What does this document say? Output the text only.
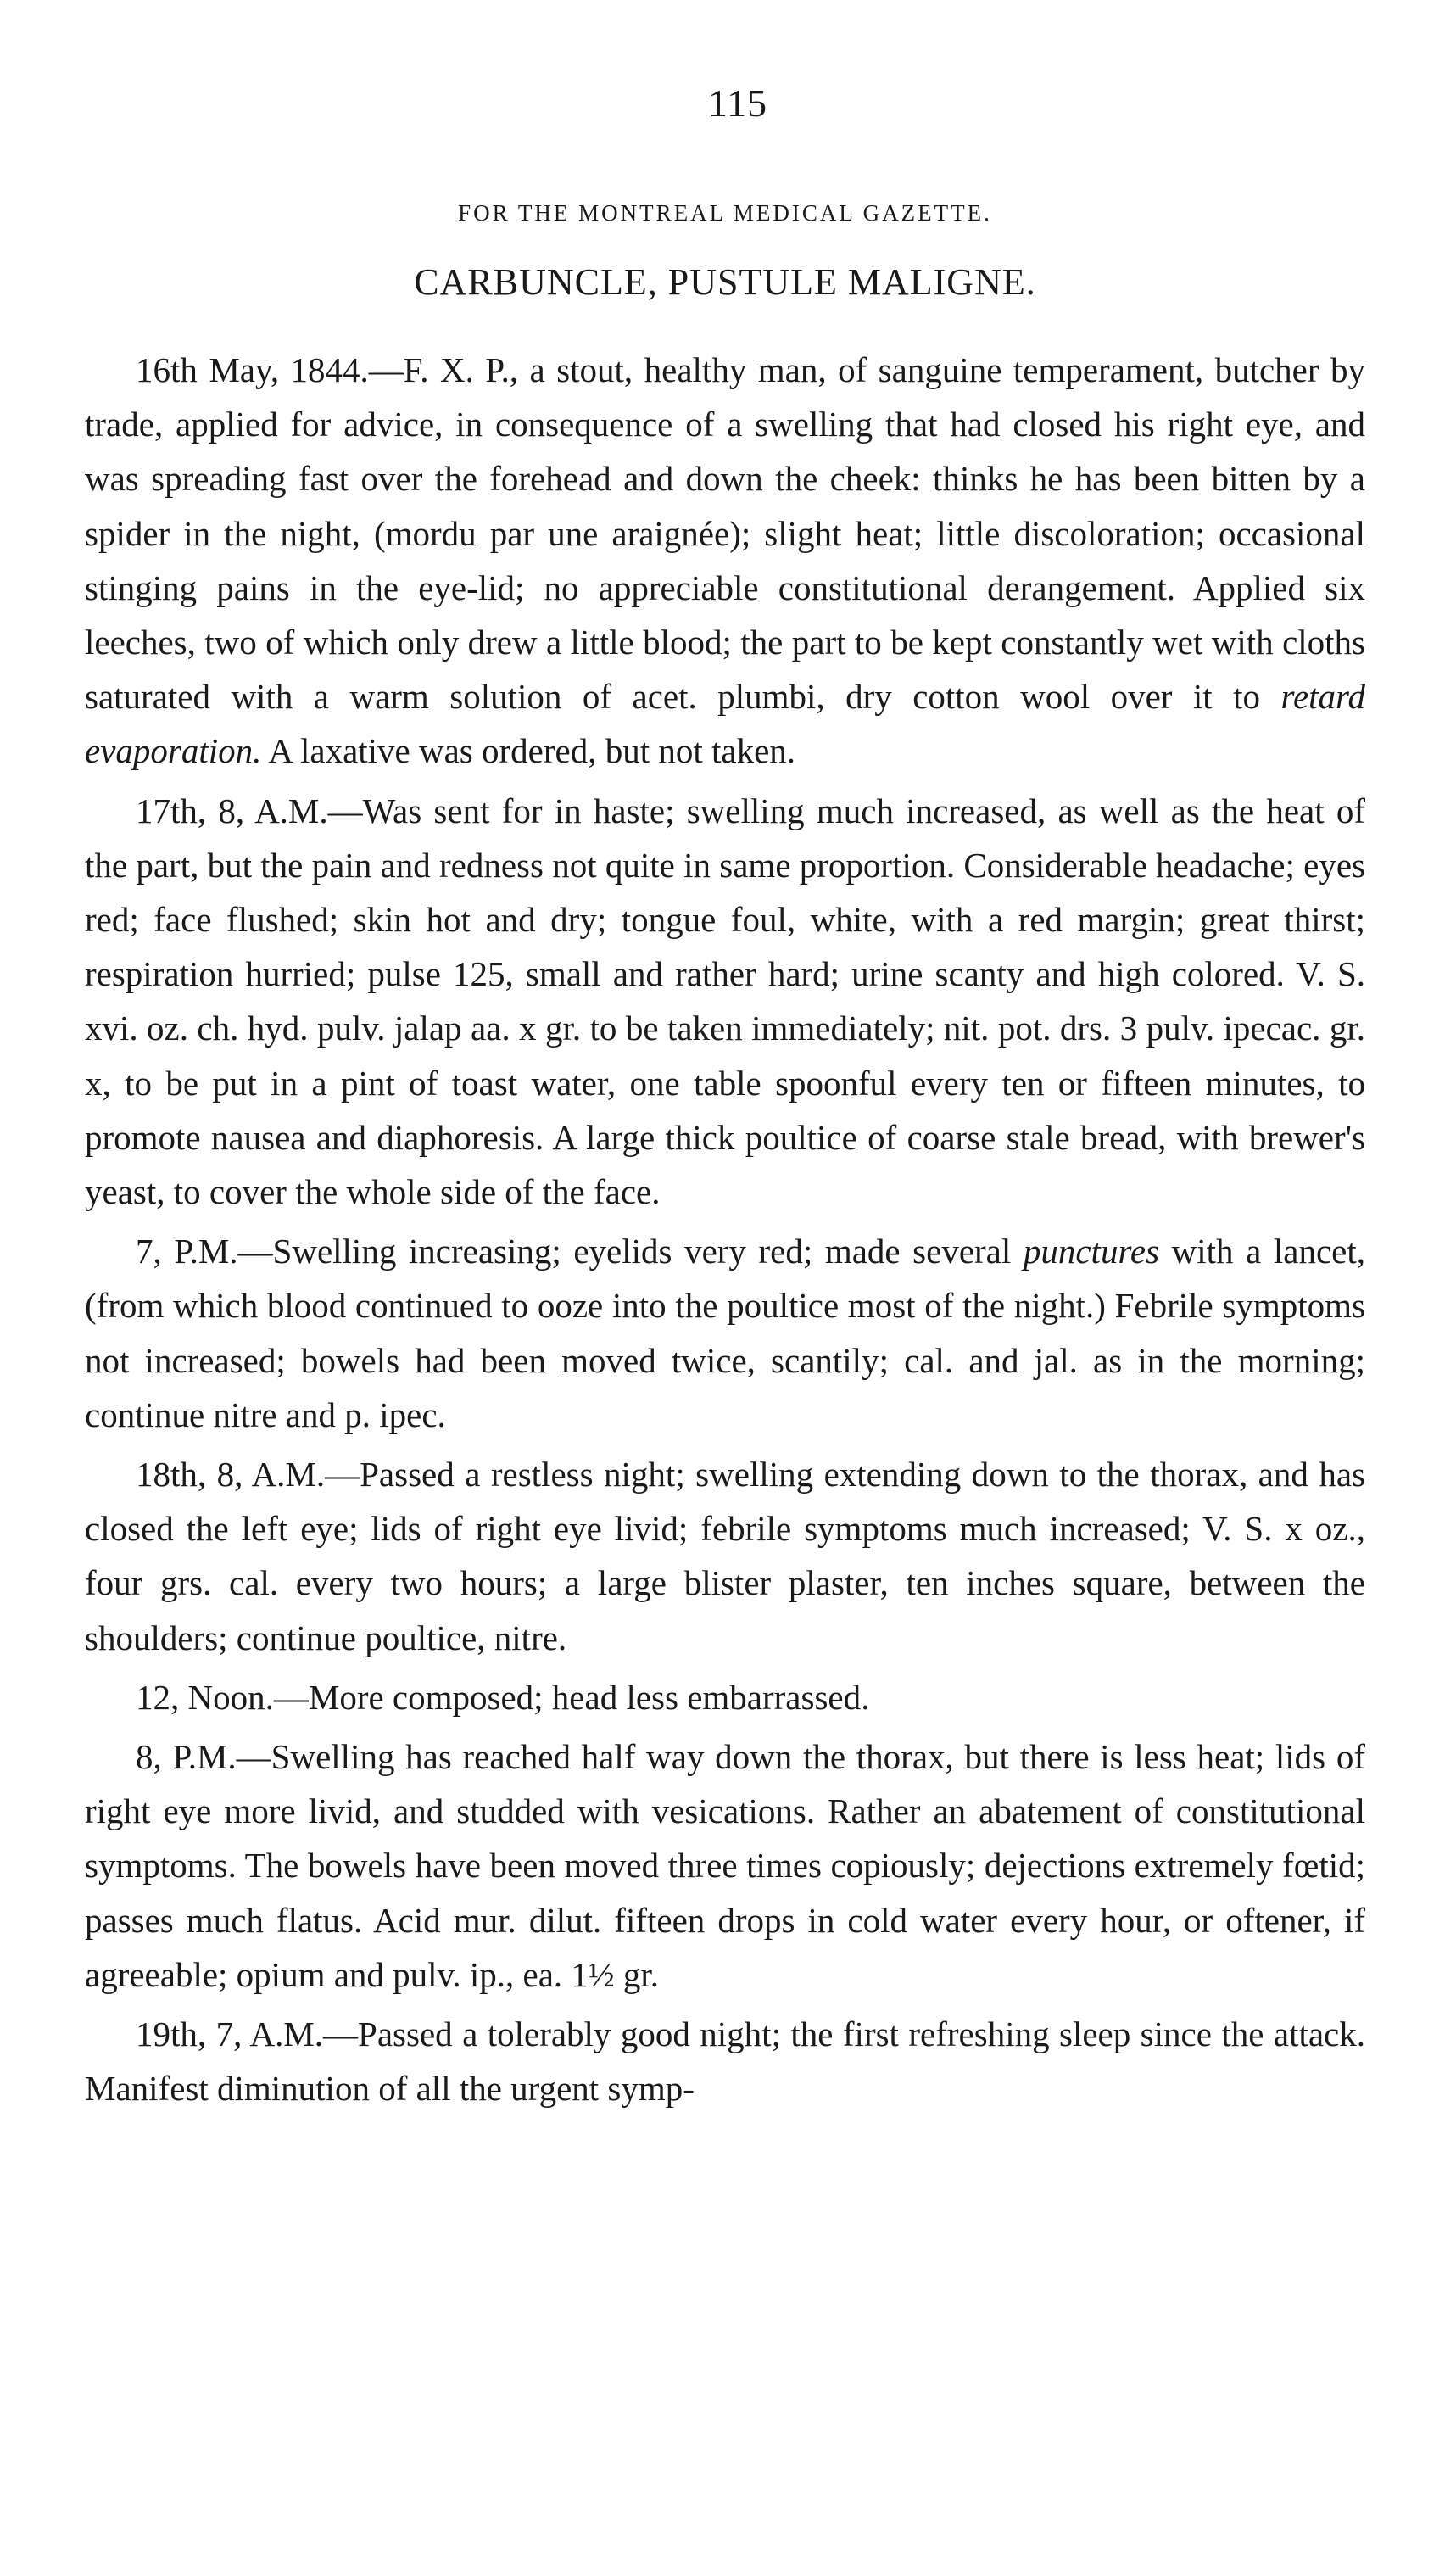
115
FOR THE MONTREAL MEDICAL GAZETTE.
CARBUNCLE, PUSTULE MALIGNE.

16th May, 1844.—F. X. P., a stout, healthy man, of sanguine temperament, butcher by trade, applied for advice, in consequence of a swelling that had closed his right eye, and was spreading fast over the forehead and down the cheek: thinks he has been bitten by a spider in the night, (mordu par une araignée); slight heat; little discoloration; occasional stinging pains in the eye-lid; no appreciable constitutional derangement. Applied six leeches, two of which only drew a little blood; the part to be kept constantly wet with cloths saturated with a warm solution of acet. plumbi, dry cotton wool over it to retard evaporation. A laxative was ordered, but not taken.

17th, 8, A.M.—Was sent for in haste; swelling much increased, as well as the heat of the part, but the pain and redness not quite in same proportion. Considerable headache; eyes red; face flushed; skin hot and dry; tongue foul, white, with a red margin; great thirst; respiration hurried; pulse 125, small and rather hard; urine scanty and high colored. V. S. xvi. oz. ch. hyd. pulv. jalap aa. x gr. to be taken immediately; nit. pot. drs. 3 pulv. ipecac. gr. x, to be put in a pint of toast water, one table spoonful every ten or fifteen minutes, to promote nausea and diaphoresis. A large thick poultice of coarse stale bread, with brewer's yeast, to cover the whole side of the face.

7, P.M.—Swelling increasing; eyelids very red; made several punctures with a lancet, (from which blood continued to ooze into the poultice most of the night.) Febrile symptoms not increased; bowels had been moved twice, scantily; cal. and jal. as in the morning; continue nitre and p. ipec.

18th, 8, A.M.—Passed a restless night; swelling extending down to the thorax, and has closed the left eye; lids of right eye livid; febrile symptoms much increased; V. S. x oz., four grs. cal. every two hours; a large blister plaster, ten inches square, between the shoulders; continue poultice, nitre.

12, Noon.—More composed; head less embarrassed.

8, P.M.—Swelling has reached half way down the thorax, but there is less heat; lids of right eye more livid, and studded with vesications. Rather an abatement of constitutional symptoms. The bowels have been moved three times copiously; dejections extremely fœtid; passes much flatus. Acid mur. dilut. fifteen drops in cold water every hour, or oftener, if agreeable; opium and pulv. ip., ea. 1½ gr.

19th, 7, A.M.—Passed a tolerably good night; the first refreshing sleep since the attack. Manifest diminution of all the urgent symp-
